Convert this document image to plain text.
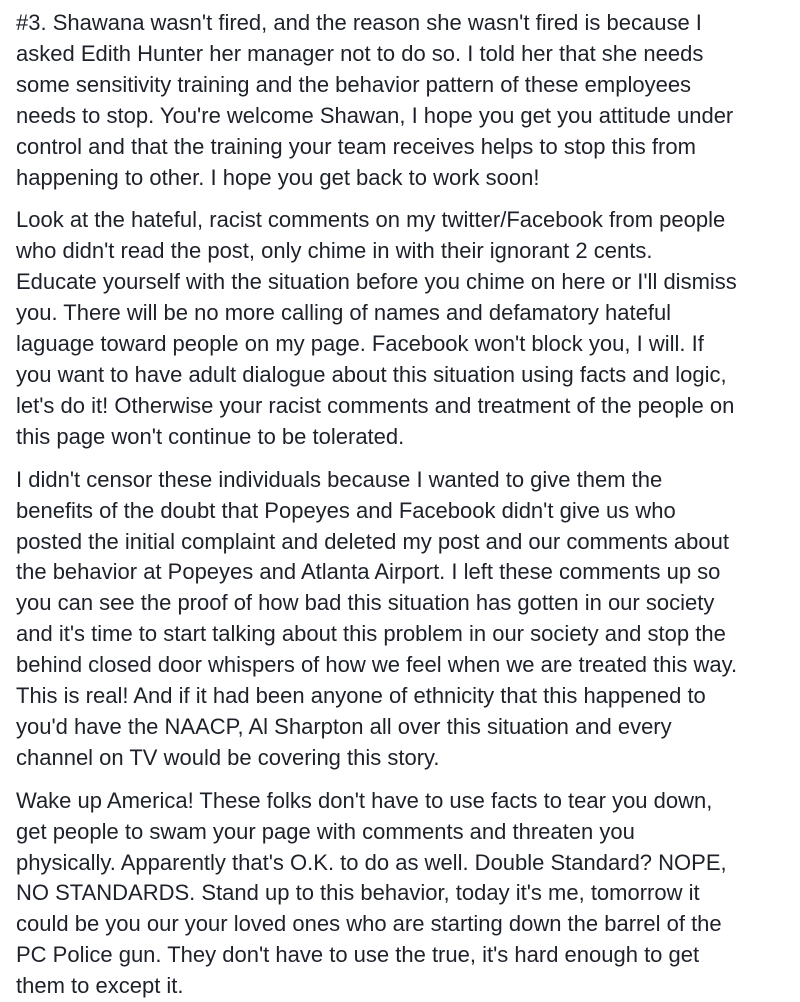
#3. Shawana wasn't fired, and the reason she wasn't fired is because I
asked Edith Hunter her manager not to do so. I told her that she needs
some sensitivity training and the behavior pattern of these employees
needs to stop. You're welcome Shawan, I hope you get you attitude under
control and that the training your team receives helps to stop this from
happening to other. I hope you get back to work soon!

Look at the hateful, racist comments on my twitter/Facebook from people
who didn't read the post, only chime in with their ignorant 2 cents.
Educate yourself with the situation before you chime on here or I'll dismiss
you. There will be no more calling of names and defamatory hateful
laguage toward people on my page. Facebook won't block you, I will. If
you want to have adult dialogue about this situation using facts and logic,
let's do it! Otherwise your racist comments and treatment of the people on
this page won't continue to be tolerated.

I didn't censor these individuals because I wanted to give them the
benefits of the doubt that Popeyes and Facebook didn't give us who
posted the initial complaint and deleted my post and our comments about
the behavior at Popeyes and Atlanta Airport. I left these comments up so
you can see the proof of how bad this situation has gotten in our society
and it's time to start talking about this problem in our society and stop the
behind closed door whispers of how we feel when we are treated this way.
This is real! And if it had been anyone of ethnicity that this happened to
you'd have the NAACP, Al Sharpton all over this situation and every
channel on TV would be covering this story.

Wake up America! These folks don't have to use facts to tear you down,
get people to swam your page with comments and threaten you
physically. Apparently that's O.K. to do as well. Double Standard? NOPE,
NO STANDARDS. Stand up to this behavior, today it's me, tomorrow it
could be you our your loved ones who are starting down the barrel of the
PC Police gun. They don't have to use the true, it's hard enough to get
them to except it.
